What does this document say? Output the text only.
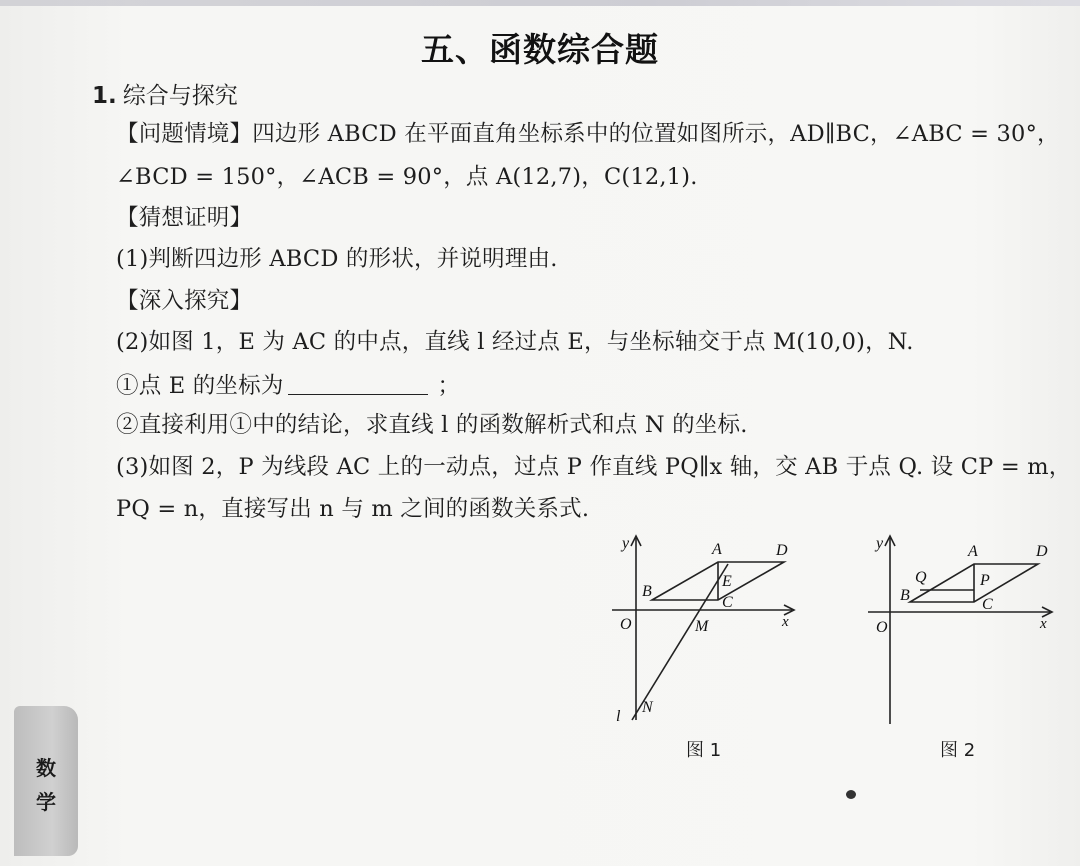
五、函数综合题
1. 综合与探究
【问题情境】四边形 ABCD 在平面直角坐标系中的位置如图所示，AD∥BC，∠ABC = 30°，
∠BCD = 150°，∠ACB = 90°，点 A(12,7)，C(12,1).
【猜想证明】
(1)判断四边形 ABCD 的形状，并说明理由.
【深入探究】
(2)如图 1，E 为 AC 的中点，直线 l 经过点 E，与坐标轴交于点 M(10,0)，N.
①点 E 的坐标为	；
②直接利用①中的结论，求直线 l 的函数解析式和点 N 的坐标.
(3)如图 2，P 为线段 AC 上的一动点，过点 P 作直线 PQ∥x 轴，交 AB 于点 Q. 设 CP = m，
PQ = n，直接写出 n 与 m 之间的函数关系式.
y	A	D
B
E
C
O	M	x
l
N
图 1
y	A	D
Q	P
B
C
O	x
图 2
数
学
